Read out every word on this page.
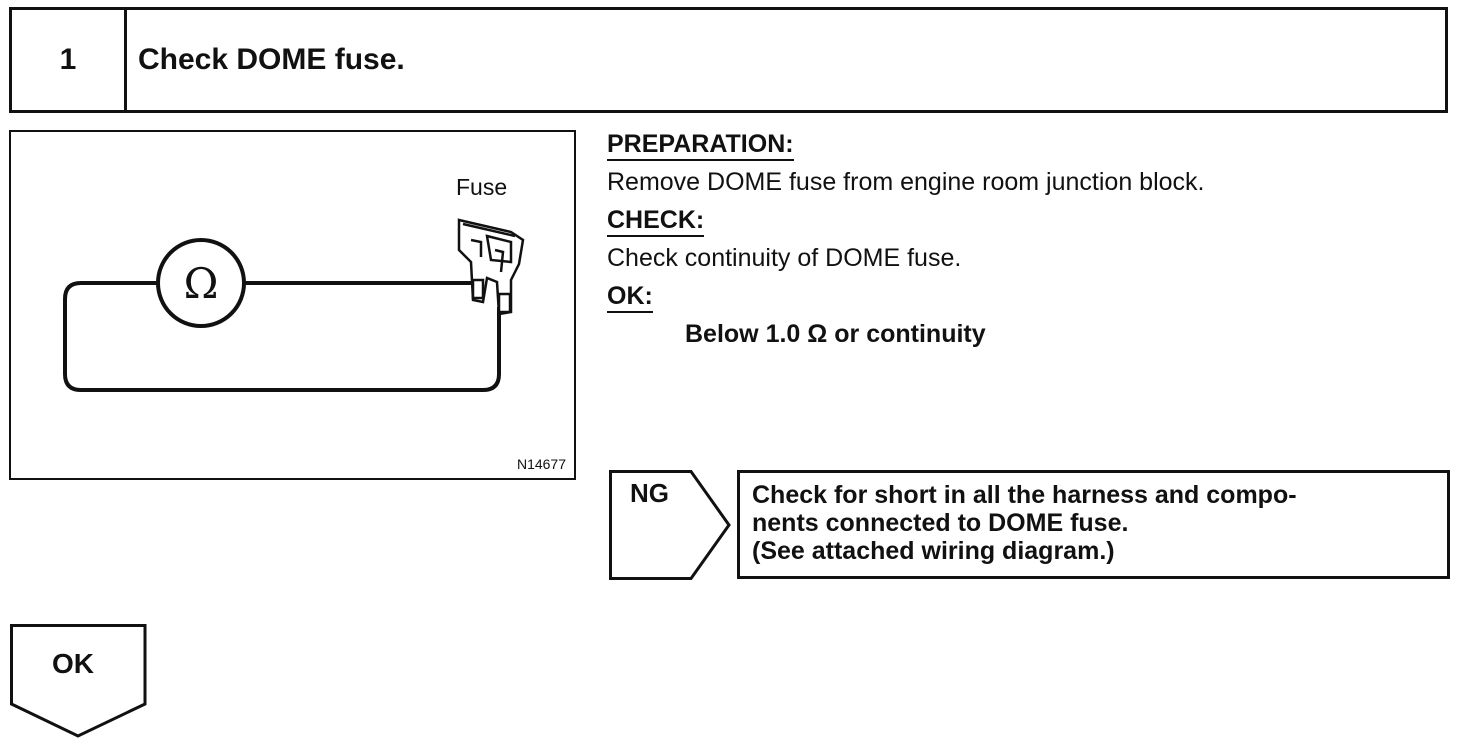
1	Check DOME fuse.
Ω
Fuse
N14677
PREPARATION:
Remove DOME fuse from engine room junction block.
CHECK:
Check continuity of DOME fuse.
OK:
Below 1.0 Ω or continuity
NG	Check for short in all the harness and compo-
nents connected to DOME fuse.
(See attached wiring diagram.)
OK
